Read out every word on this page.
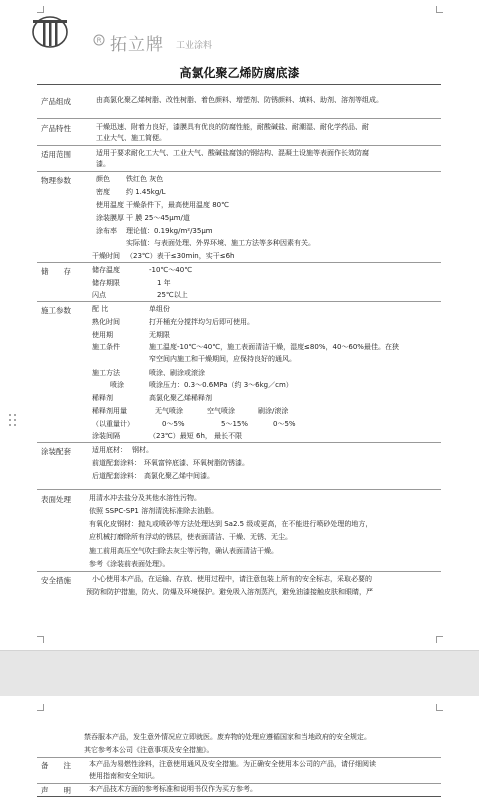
R 拓立牌 工业涂料
高氯化聚乙烯防腐底漆
产品组成	由高氯化聚乙烯树脂、改性树脂、着色颜料、增塑剂、防锈颜料、填料、助剂、溶剂等组成。
产品特性	干燥迅速、附着力良好，漆膜具有优良的防腐性能，耐酸碱盐、耐潮湿、耐化学药品、耐
工业大气、施工简便。
适用范围	适用于要求耐化工大气、工业大气、酸碱盐腐蚀的钢结构、混凝土设施等表面作长效防腐
漆。
物理参数	颜色 铁红色 灰色
密度 约 1.45kg/L
使用温度 干燥条件下，最高使用温度 80℃
涂装膜厚 干 膜 25～45μm/道
涂布率 理论值：0.19kg/m²/35μm
实际值：与表面处理、外界环境、施工方法等多种因素有关。
干燥时间 （23℃）表干≤30min，实干≤6h
储　　存	储存温度	-10℃～40℃
储存期限	1 年
闪点	25℃以上
施工参数	配 比	单组份
熟化时间	打开桶充分搅拌均匀后即可使用。
使用期	无期限
施工条件	施工温度-10℃～40℃，施工表面清洁干燥，湿度≤80%，40～60%最佳。在狭
窄空间内施工和干燥期间，应保持良好的通风。
施工方法	喷涂、刷涂或滚涂
喷涂	喷涂压力：0.3～0.6MPa（约 3～6kg／cm）
稀释剂	高氯化聚乙烯稀释剂
稀释剂用量	无气喷涂	空气喷涂	刷涂/滚涂
（以重量计）	0～5%	5～15%	0～5%
涂装间隔	（23℃）最短 6h， 最长不限
涂装配套	适用底材： 钢材。
前道配套涂料： 环氧富锌底漆、环氧树脂防锈漆。
后道配套涂料： 高氯化聚乙烯中间漆。
表面处理	用清水冲去盐分及其他水溶性污物。
依照 SSPC-SP1 溶剂清洗标准除去油脂。
有氧化皮钢材：抛丸或喷砂等方法处理达到 Sa2.5 级或更高，在不能进行喷砂处理的地方，
应机械打磨除所有浮动的锈层，使表面清洁、干燥、无锈、无尘。
施工前用高压空气吹扫除去灰尘等污物，确认表面清洁干燥。
参考《涂装前表面处理》。
安全措施	小心使用本产品，在运输、存放、使用过程中，请注意包装上所有的安全标志，采取必要的
预防和防护措施，防火、防爆及环境保护。避免吸入溶剂蒸汽，避免油漆接触皮肤和眼睛，严
禁吞服本产品，发生意外情况应立即就医。废弃物的处理应遵循国家和当地政府的安全规定。
其它参考本公司《注意事项及安全措施》。
备　　注	本产品为易燃性涂料，注意使用通风及安全措施。为正确安全使用本公司的产品，请仔细阅读
使用指南和安全知识。
声　　明	本产品技术方面的参考标准和说明书仅作为买方参考。
